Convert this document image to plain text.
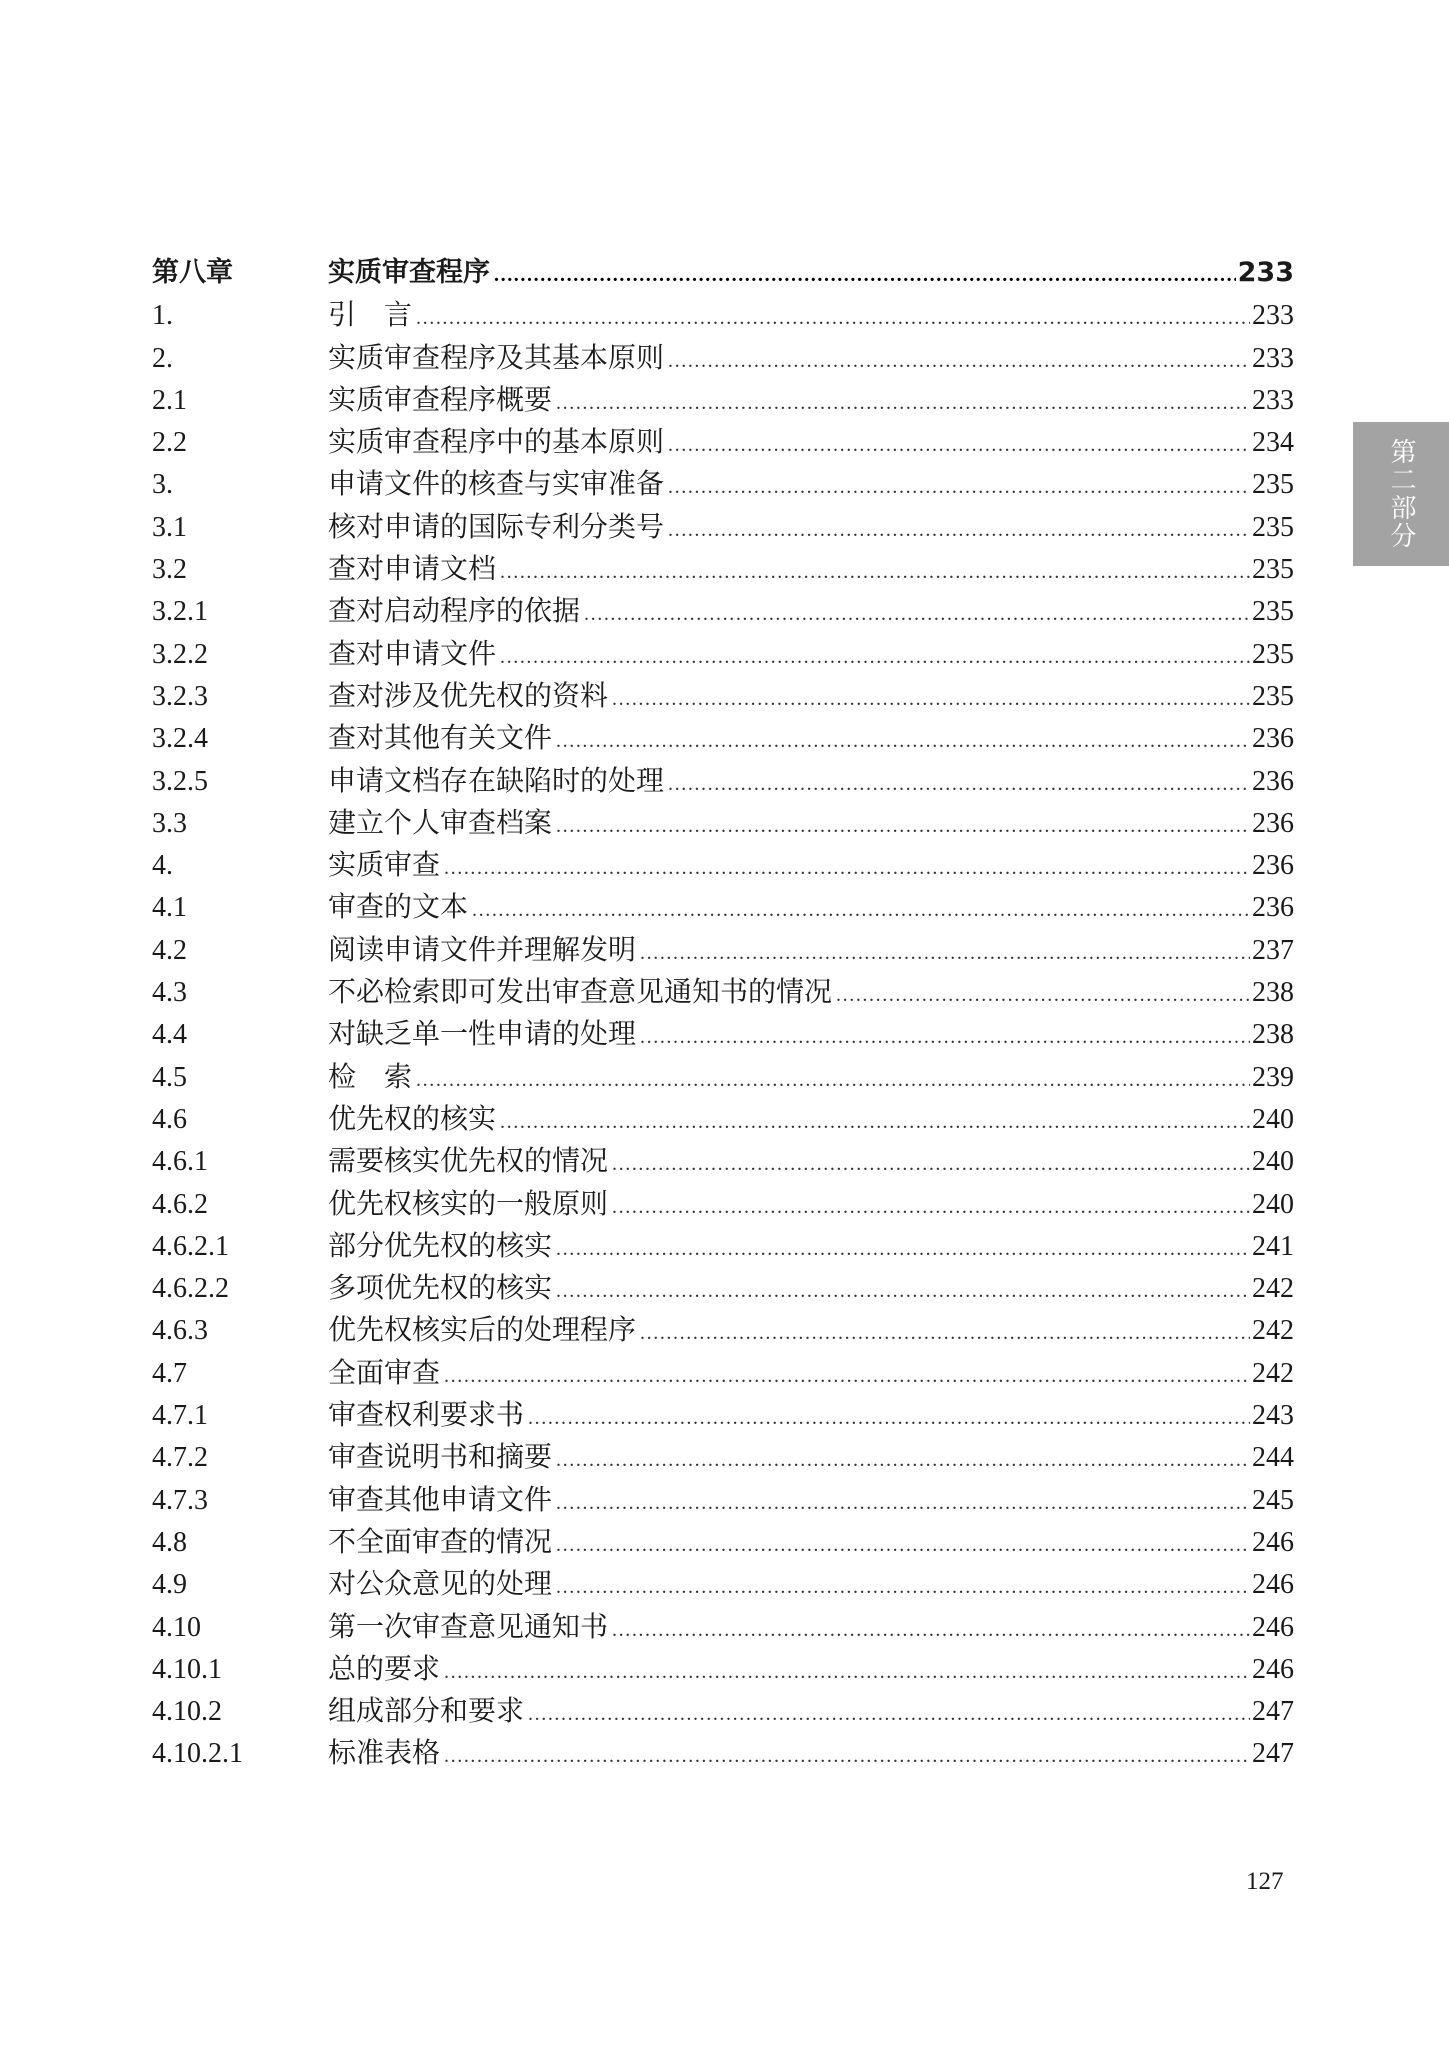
第八章	实质审查程序 .....	233
1.	引　言 .....	233
2.	实质审查程序及其基本原则 .....	233
2.1	实质审查程序概要 .....	233
2.2	实质审查程序中的基本原则 .....	234
3.	申请文件的核查与实审准备 .....	235
3.1	核对申请的国际专利分类号 .....	235
3.2	查对申请文档 .....	235
3.2.1	查对启动程序的依据 .....	235
3.2.2	查对申请文件 .....	235
3.2.3	查对涉及优先权的资料 .....	235
3.2.4	查对其他有关文件 .....	236
3.2.5	申请文档存在缺陷时的处理 .....	236
3.3	建立个人审查档案 .....	236
4.	实质审查 .....	236
4.1	审查的文本 .....	236
4.2	阅读申请文件并理解发明 .....	237
4.3	不必检索即可发出审查意见通知书的情况 .....	238
4.4	对缺乏单一性申请的处理 .....	238
4.5	检　索 .....	239
4.6	优先权的核实 .....	240
4.6.1	需要核实优先权的情况 .....	240
4.6.2	优先权核实的一般原则 .....	240
4.6.2.1	部分优先权的核实 .....	241
4.6.2.2	多项优先权的核实 .....	242
4.6.3	优先权核实后的处理程序 .....	242
4.7	全面审查 .....	242
4.7.1	审查权利要求书 .....	243
4.7.2	审查说明书和摘要 .....	244
4.7.3	审查其他申请文件 .....	245
4.8	不全面审查的情况 .....	246
4.9	对公众意见的处理 .....	246
4.10	第一次审查意见通知书 .....	246
4.10.1	总的要求 .....	246
4.10.2	组成部分和要求 .....	247
4.10.2.1	标准表格 .....	247
第二部分
127
